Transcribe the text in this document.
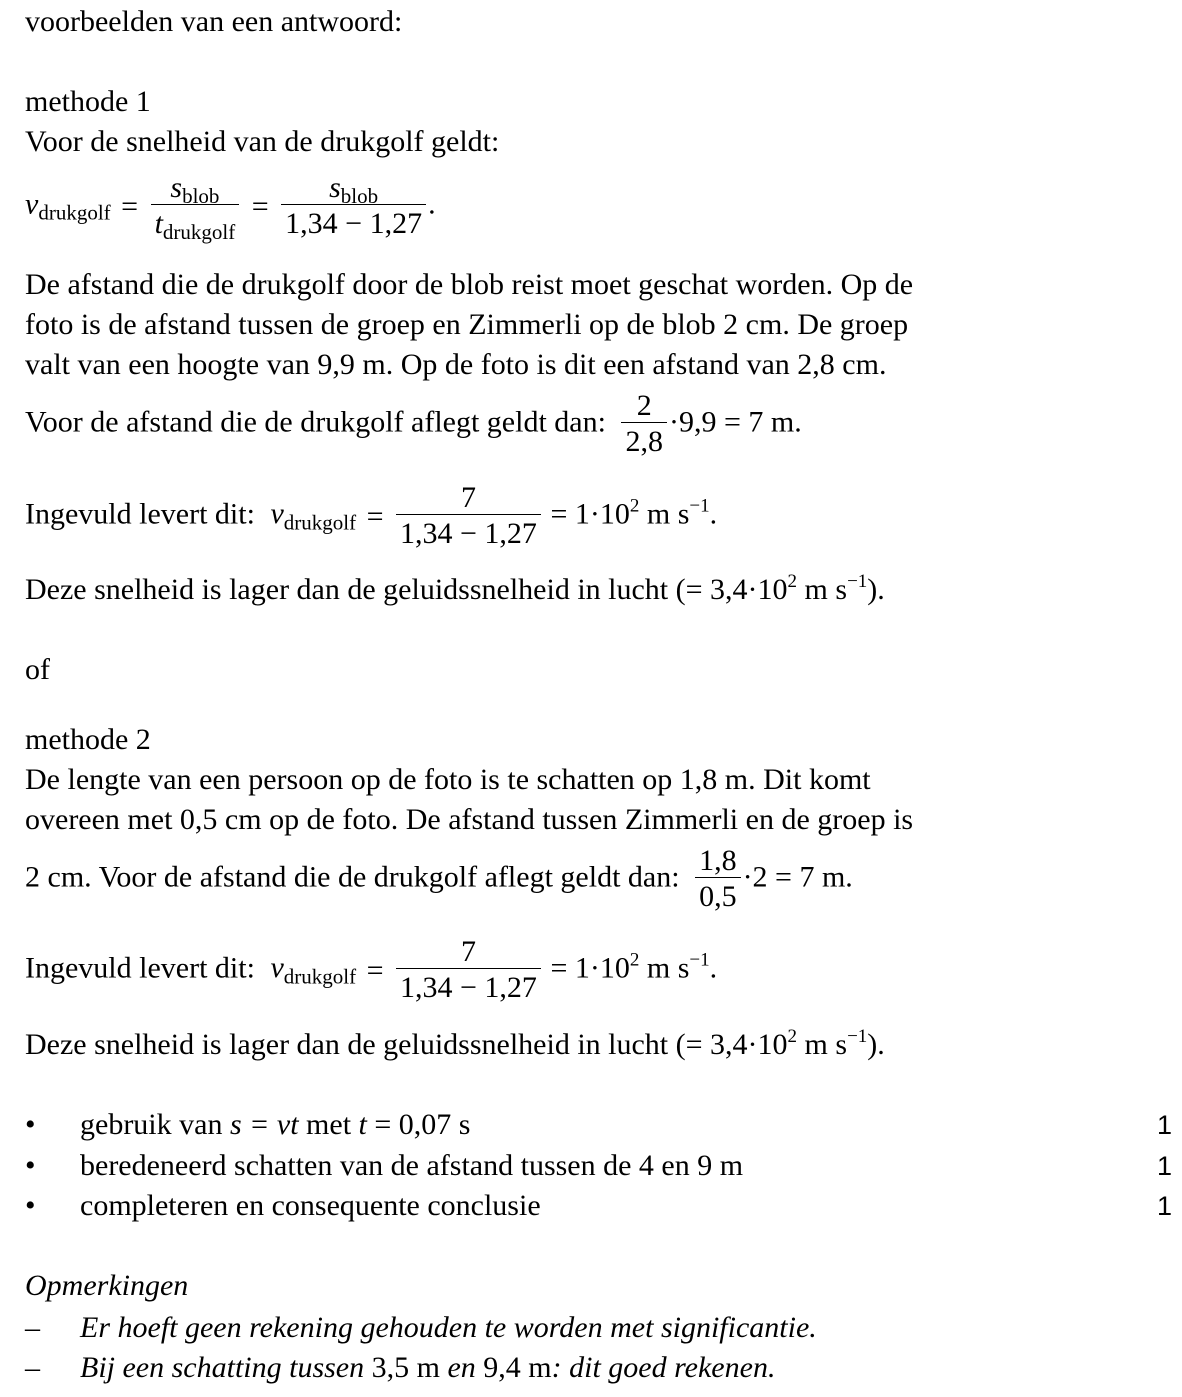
voorbeelden van een antwoord:
methode 1
Voor de snelheid van de drukgolf geldt:
$v_{drukgolf} = \frac{s_{blob}}{t_{drukgolf}} = \frac{s_{blob}}{1,34 - 1,27}$ .
De afstand die de drukgolf door de blob reist moet geschat worden. Op de
foto is de afstand tussen de groep en Zimmerli op de blob 2 cm. De groep
valt van een hoogte van 9,9 m. Op de foto is dit een afstand van 2,8 cm.
Voor de afstand die de drukgolf aflegt geldt dan: $\frac{2}{2,8} \cdot 9,9 = 7$ m.
Ingevuld levert dit: $v_{drukgolf} = \frac{7}{1,34 - 1,27} = 1\cdot 10^2$ m $s^{-1}$.
Deze snelheid is lager dan de geluidssnelheid in lucht (= $3,4\cdot 10^2$ m $s^{-1}$).
of
methode 2
De lengte van een persoon op de foto is te schatten op 1,8 m. Dit komt
overeen met 0,5 cm op de foto. De afstand tussen Zimmerli en de groep is
2 cm. Voor de afstand die de drukgolf aflegt geldt dan: $\frac{1,8}{0,5} \cdot 2 = 7$ m.
Ingevuld levert dit: $v_{drukgolf} = \frac{7}{1,34 - 1,27} = 1\cdot 10^2$ m $s^{-1}$.
Deze snelheid is lager dan de geluidssnelheid in lucht (= $3,4\cdot 10^2$ m $s^{-1}$).
• gebruik van s = vt met t = 0,07 s	1
• beredeneerd schatten van de afstand tussen de 4 en 9 m	1
• completeren en consequente conclusie	1
Opmerkingen
– Er hoeft geen rekening gehouden te worden met significantie.
– Bij een schatting tussen 3,5 m en 9,4 m: dit goed rekenen.
